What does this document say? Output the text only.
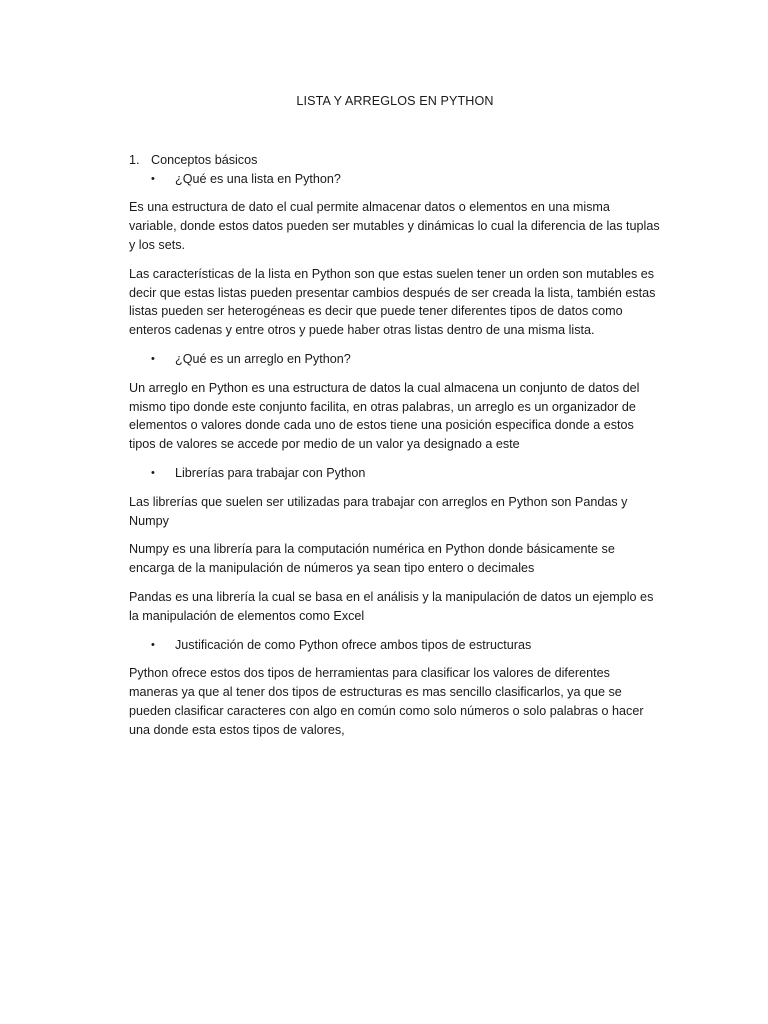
LISTA Y ARREGLOS EN PYTHON
1. Conceptos básicos
•	¿Qué es una lista en Python?

Es una estructura de dato el cual permite almacenar datos o elementos en una misma variable, donde estos datos pueden ser mutables y dinámicas lo cual la diferencia de las tuplas y los sets.

Las características de la lista en Python son que estas suelen tener un orden son mutables es decir que estas listas pueden presentar cambios después de ser creada la lista, también estas listas pueden ser heterogéneas es decir que puede tener diferentes tipos de datos como enteros cadenas y entre otros y puede haber otras listas dentro de una misma lista.

•	¿Qué es un arreglo en Python?

Un arreglo en Python es una estructura de datos la cual almacena un conjunto de datos del mismo tipo donde este conjunto facilita, en otras palabras, un arreglo es un organizador de elementos o valores donde cada uno de estos tiene una posición especifica donde a estos tipos de valores se accede por medio de un valor ya designado a este

•	Librerías para trabajar con Python

Las librerías que suelen ser utilizadas para trabajar con arreglos en Python son Pandas y Numpy

Numpy es una librería para la computación numérica en Python donde básicamente se encarga de la manipulación de números ya sean tipo entero o decimales

Pandas es una librería la cual se basa en el análisis y la manipulación de datos un ejemplo es la manipulación de elementos como Excel

•	Justificación de como Python ofrece ambos tipos de estructuras

Python ofrece estos dos tipos de herramientas para clasificar los valores de diferentes maneras ya que al tener dos tipos de estructuras es mas sencillo clasificarlos, ya que se pueden clasificar caracteres con algo en común como solo números o solo palabras o hacer una donde esta estos tipos de valores,
